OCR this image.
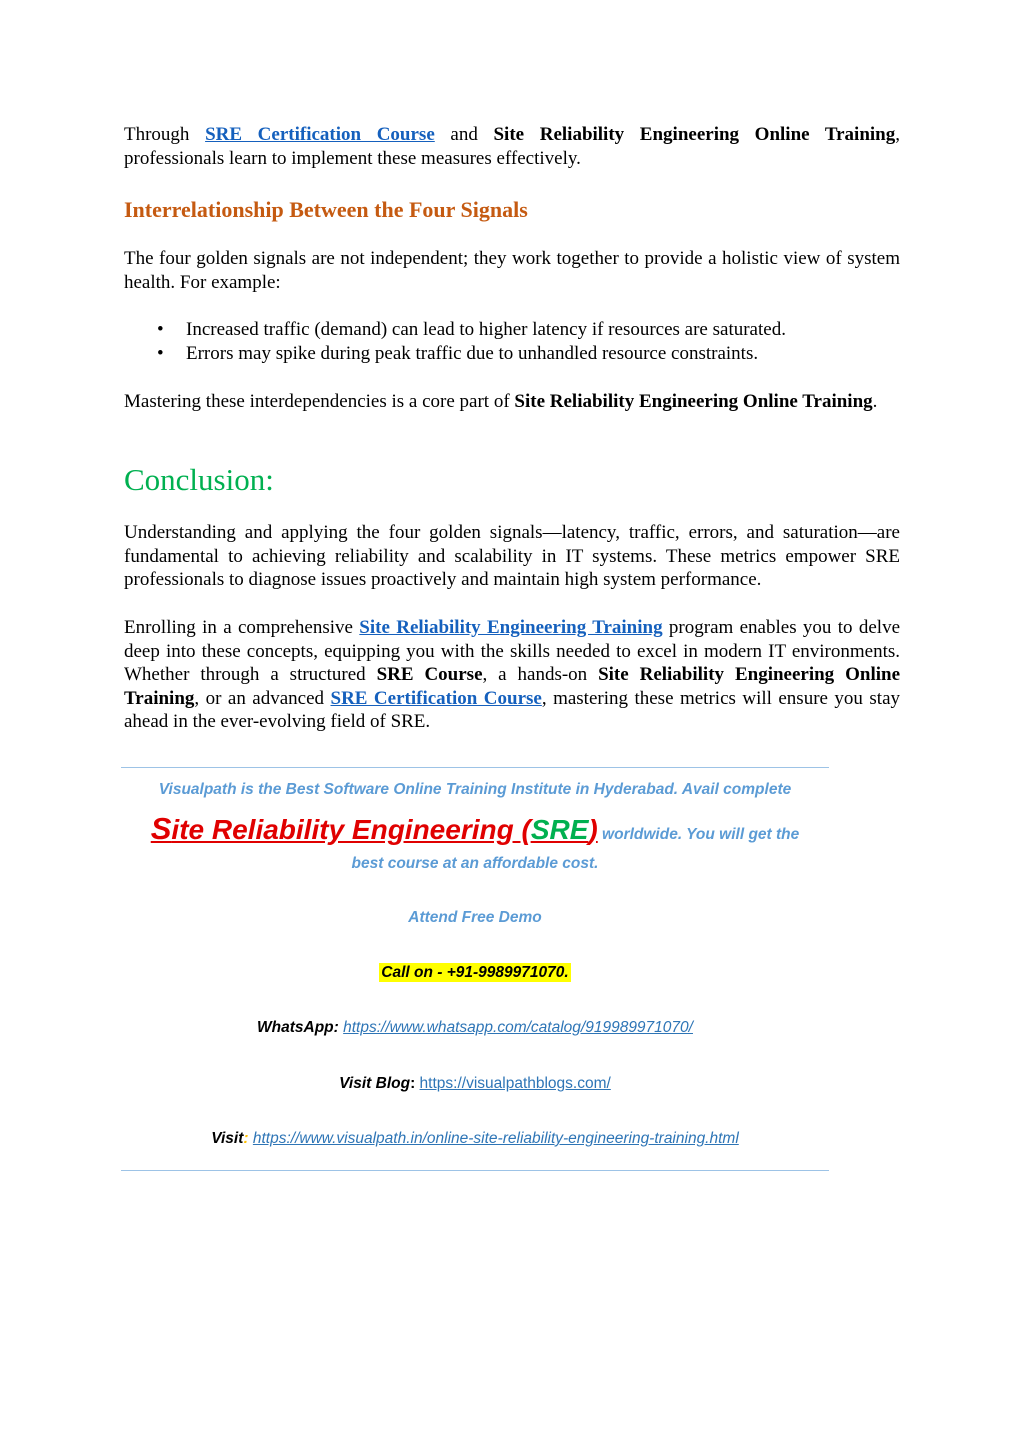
Through SRE Certification Course and Site Reliability Engineering Online Training, professionals learn to implement these measures effectively.

Interrelationship Between the Four Signals

The four golden signals are not independent; they work together to provide a holistic view of system health. For example:

• Increased traffic (demand) can lead to higher latency if resources are saturated.
• Errors may spike during peak traffic due to unhandled resource constraints.

Mastering these interdependencies is a core part of Site Reliability Engineering Online Training.

Conclusion:

Understanding and applying the four golden signals—latency, traffic, errors, and saturation—are fundamental to achieving reliability and scalability in IT systems. These metrics empower SRE professionals to diagnose issues proactively and maintain high system performance.

Enrolling in a comprehensive Site Reliability Engineering Training program enables you to delve deep into these concepts, equipping you with the skills needed to excel in modern IT environments. Whether through a structured SRE Course, a hands-on Site Reliability Engineering Online Training, or an advanced SRE Certification Course, mastering these metrics will ensure you stay ahead in the ever-evolving field of SRE.

Visualpath is the Best Software Online Training Institute in Hyderabad. Avail complete
Site Reliability Engineering (SRE) worldwide. You will get the
best course at an affordable cost.
Attend Free Demo
Call on - +91-9989971070.
WhatsApp: https://www.whatsapp.com/catalog/919989971070/
Visit Blog: https://visualpathblogs.com/
Visit: https://www.visualpath.in/online-site-reliability-engineering-training.html
